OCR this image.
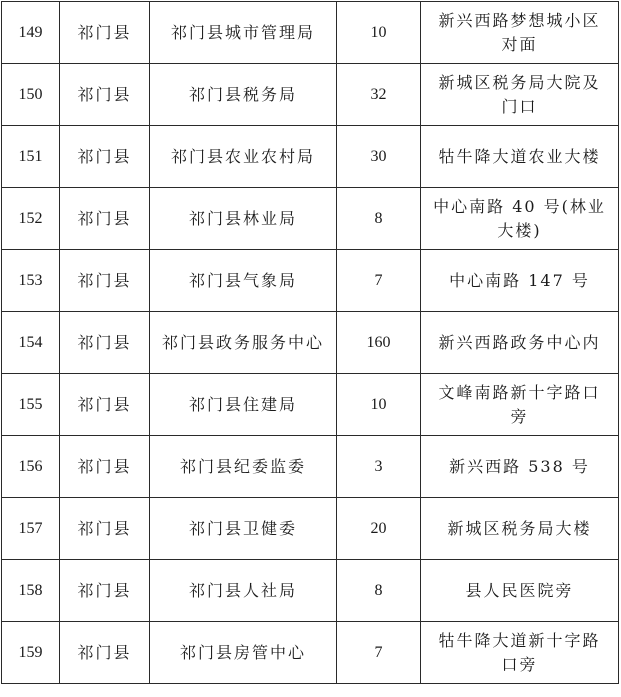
149	祁门县	祁门县城市管理局	10	新兴西路梦想城小区对面
150	祁门县	祁门县税务局	32	新城区税务局大院及门口
151	祁门县	祁门县农业农村局	30	牯牛降大道农业大楼
152	祁门县	祁门县林业局	8	中心南路 40 号(林业大楼)
153	祁门县	祁门县气象局	7	中心南路 147 号
154	祁门县	祁门县政务服务中心	160	新兴西路政务中心内
155	祁门县	祁门县住建局	10	文峰南路新十字路口旁
156	祁门县	祁门县纪委监委	3	新兴西路 538 号
157	祁门县	祁门县卫健委	20	新城区税务局大楼
158	祁门县	祁门县人社局	8	县人民医院旁
159	祁门县	祁门县房管中心	7	牯牛降大道新十字路口旁
